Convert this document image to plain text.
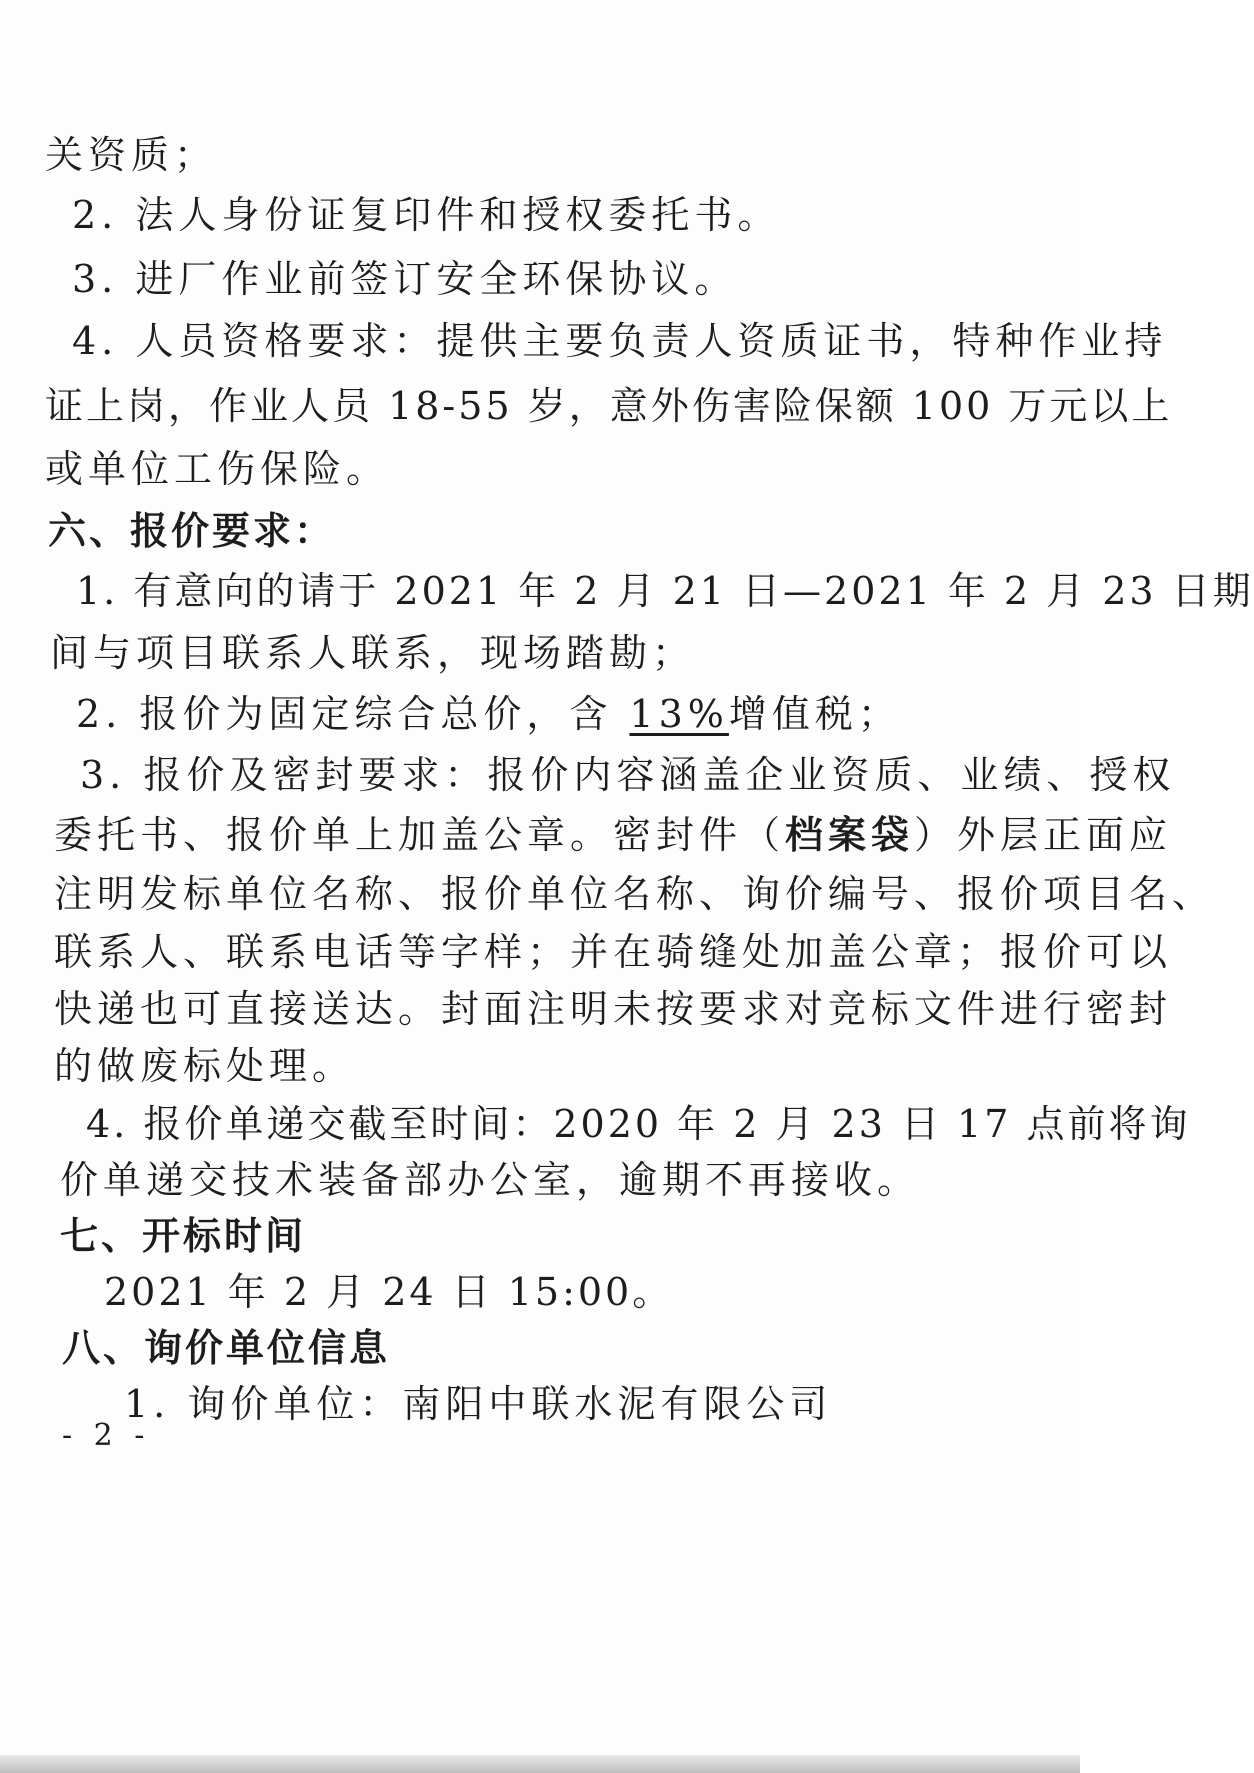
关资质；
2. 法人身份证复印件和授权委托书。
3. 进厂作业前签订安全环保协议。
4. 人员资格要求：提供主要负责人资质证书，特种作业持
证上岗，作业人员 18-55 岁，意外伤害险保额 100 万元以上
或单位工伤保险。
六、报价要求：
1. 有意向的请于 2021 年 2 月 21 日—2021 年 2 月 23 日期
间与项目联系人联系，现场踏勘；
2. 报价为固定综合总价，含 13%增值税；
3. 报价及密封要求：报价内容涵盖企业资质、业绩、授权
委托书、报价单上加盖公章。密封件（档案袋）外层正面应
注明发标单位名称、报价单位名称、询价编号、报价项目名、
联系人、联系电话等字样；并在骑缝处加盖公章；报价可以
快递也可直接送达。封面注明未按要求对竞标文件进行密封
的做废标处理。
4. 报价单递交截至时间：2020 年 2 月 23 日 17 点前将询
价单递交技术装备部办公室，逾期不再接收。
七、开标时间
2021 年 2 月 24 日 15:00。
八、询价单位信息
1. 询价单位：南阳中联水泥有限公司
- 2 -
